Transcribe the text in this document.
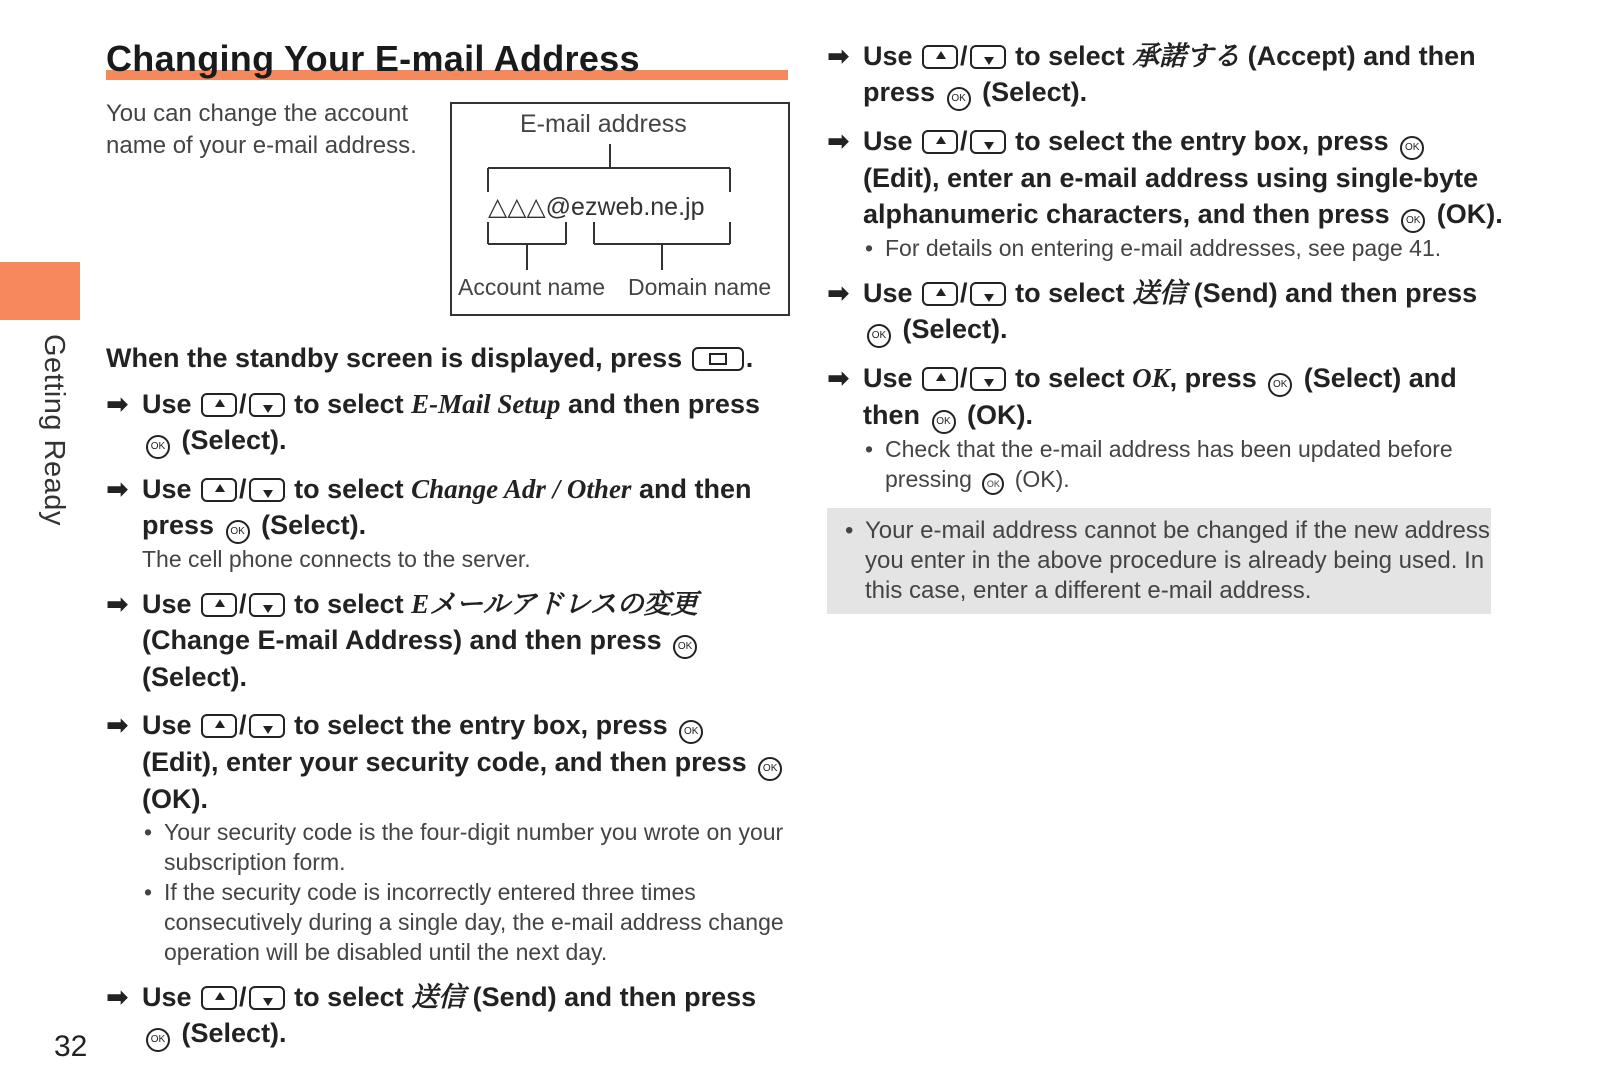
Getting Ready
32
Changing Your E-mail Address
You can change the account name of your e-mail address.
E-mail address
△△△@ezweb.ne.jp
Account name Domain name
When the standby screen is displayed, press .
➡ Use / to select E-Mail Setup and then press OK (Select).
➡ Use / to select Change Adr / Other and then press OK (Select).
The cell phone connects to the server.
➡ Use / to select Eメールアドレスの変更 (Change E-mail Address) and then press OK (Select).
➡ Use / to select the entry box, press OK (Edit), enter your security code, and then press OK (OK).
• Your security code is the four-digit number you wrote on your subscription form.
• If the security code is incorrectly entered three times consecutively during a single day, the e-mail address change operation will be disabled until the next day.
➡ Use / to select 送信 (Send) and then press OK (Select).
➡ Use / to select 承諾する (Accept) and then press OK (Select).
➡ Use / to select the entry box, press OK (Edit), enter an e-mail address using single-byte alphanumeric characters, and then press OK (OK).
• For details on entering e-mail addresses, see page 41.
➡ Use / to select 送信 (Send) and then press OK (Select).
➡ Use / to select OK, press OK (Select) and then OK (OK).
• Check that the e-mail address has been updated before pressing OK (OK).
• Your e-mail address cannot be changed if the new address you enter in the above procedure is already being used. In this case, enter a different e-mail address.
